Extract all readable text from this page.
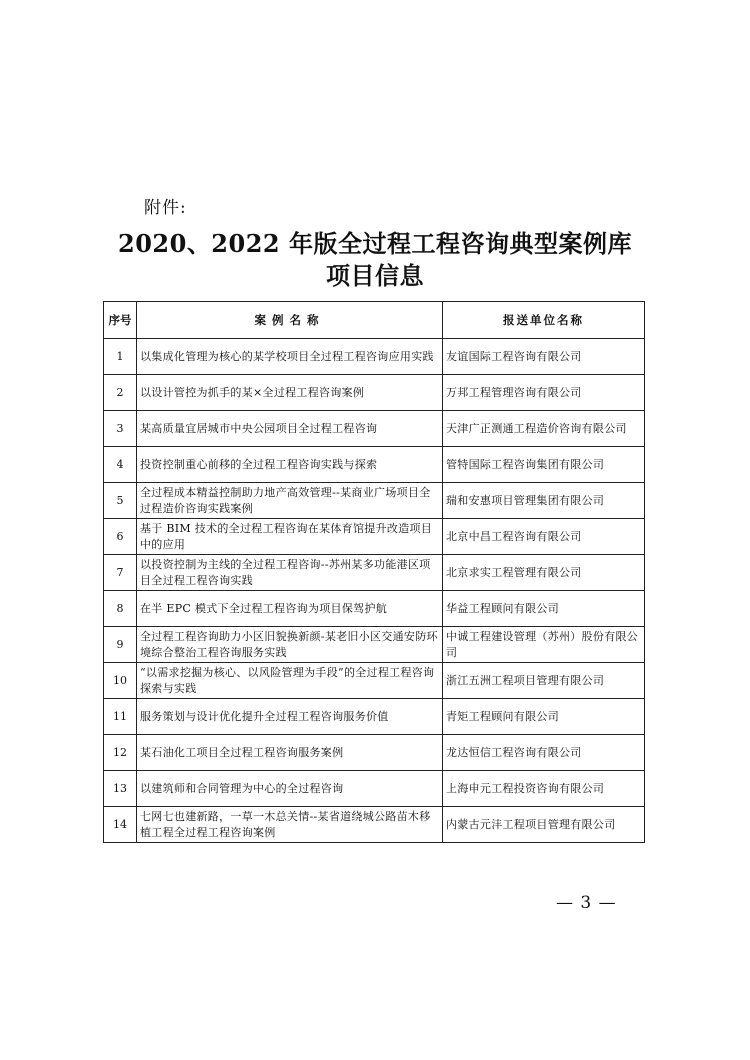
附件:
2020、2022 年版全过程工程咨询典型案例库
项目信息
序号	案例名称	报送单位名称
1	以集成化管理为核心的某学校项目全过程工程咨询应用实践	友谊国际工程咨询有限公司
2	以设计管控为抓手的某×全过程工程咨询案例	万邦工程管理咨询有限公司
3	某高质量宜居城市中央公园项目全过程工程咨询	天津广正测通工程造价咨询有限公司
4	投资控制重心前移的全过程工程咨询实践与探索	管特国际工程咨询集团有限公司
5	全过程成本精益控制助力地产高效管理--某商业广场项目全过程造价咨询实践案例	瑞和安惠项目管理集团有限公司
6	基于 BIM 技术的全过程工程咨询在某体育馆提升改造项目中的应用	北京中昌工程咨询有限公司
7	以投资控制为主线的全过程工程咨询--苏州某多功能港区项目全过程工程咨询实践	北京求实工程管理有限公司
8	在半 EPC 模式下全过程工程咨询为项目保驾护航	华益工程顾问有限公司
9	全过程工程咨询助力小区旧貌换新颜-某老旧小区交通安防环境综合整治工程咨询服务实践	中诚工程建设管理（苏州）股份有限公司
10	“以需求挖掘为核心、以风险管理为手段”的全过程工程咨询探索与实践	浙江五洲工程项目管理有限公司
11	服务策划与设计优化提升全过程工程咨询服务价值	青矩工程顾问有限公司
12	某石油化工项目全过程工程咨询服务案例	龙达恒信工程咨询有限公司
13	以建筑师和合同管理为中心的全过程咨询	上海申元工程投资咨询有限公司
14	七网七也建新路，一草一木总关情--某省道绕城公路苗木移植工程全过程工程咨询案例	内蒙古元沣工程项目管理有限公司
— 3 —
